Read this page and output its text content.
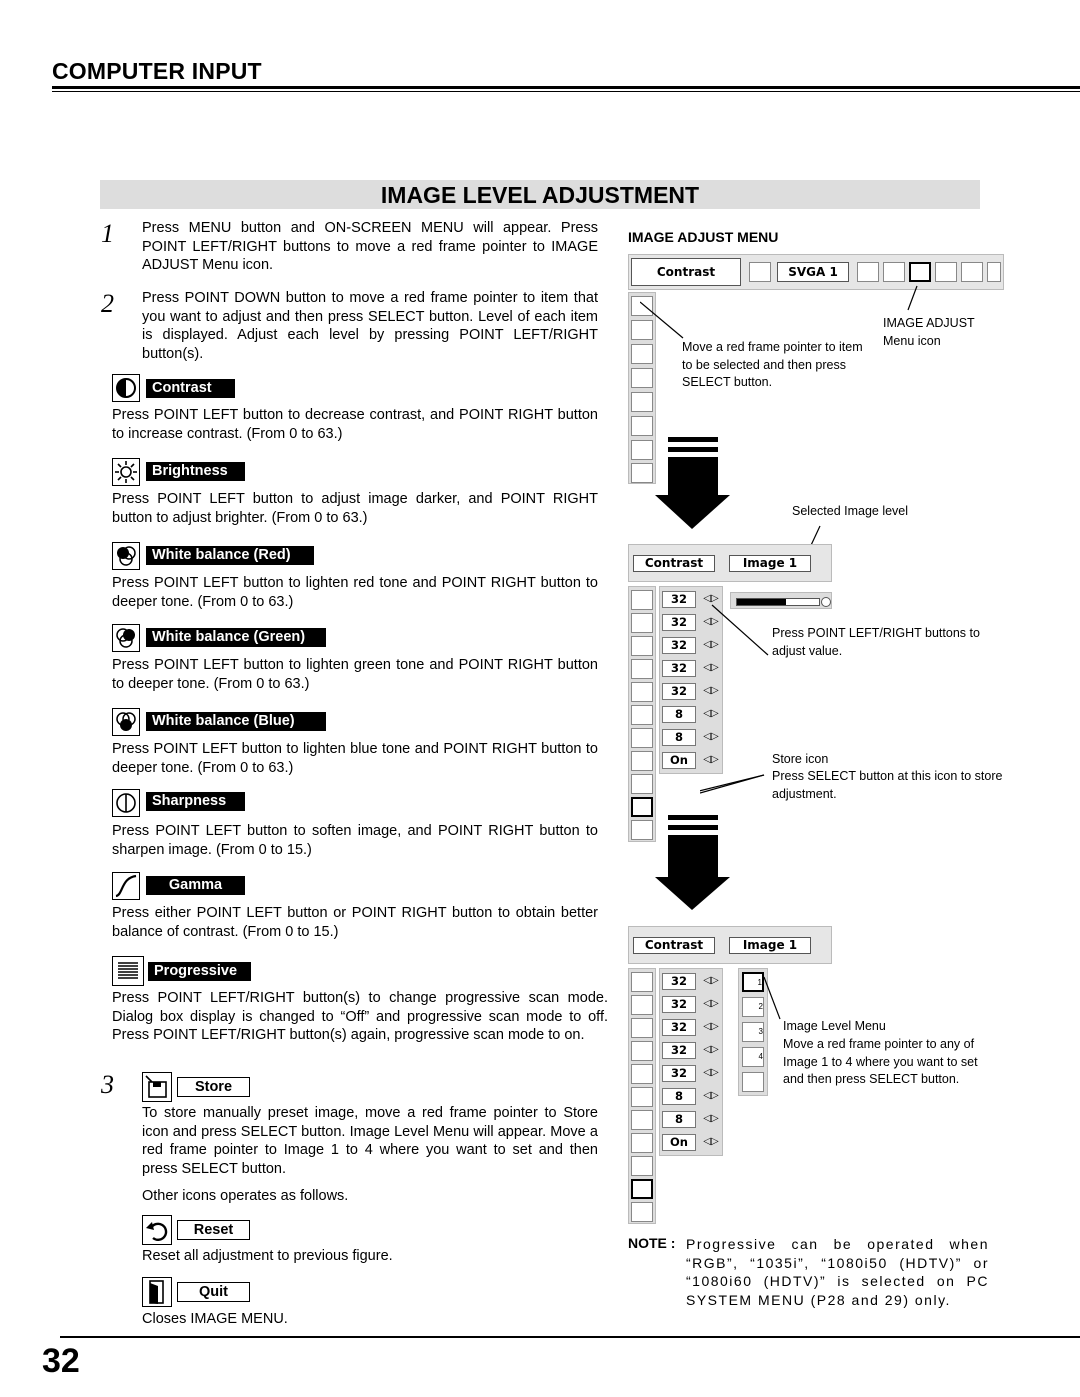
COMPUTER INPUT
IMAGE LEVEL ADJUSTMENT
1 Press MENU button and ON-SCREEN MENU will appear. Press POINT LEFT/RIGHT buttons to move a red frame pointer to IMAGE ADJUST Menu icon.
2 Press POINT DOWN button to move a red frame pointer to item that you want to adjust and then press SELECT button. Level of each item is displayed. Adjust each level by pressing POINT LEFT/RIGHT button(s).
Contrast
Press POINT LEFT button to decrease contrast, and POINT RIGHT button to increase contrast. (From 0 to 63.)
Brightness
Press POINT LEFT button to adjust image darker, and POINT RIGHT button to adjust brighter. (From 0 to 63.)
White balance (Red)
Press POINT LEFT button to lighten red tone and POINT RIGHT button to deeper tone. (From 0 to 63.)
White balance (Green)
Press POINT LEFT button to lighten green tone and POINT RIGHT button to deeper tone. (From 0 to 63.)
White balance (Blue)
Press POINT LEFT button to lighten blue tone and POINT RIGHT button to deeper tone. (From 0 to 63.)
Sharpness
Press POINT LEFT button to soften image, and POINT RIGHT button to sharpen image. (From 0 to 15.)
Gamma
Press either POINT LEFT button or POINT RIGHT button to obtain better balance of contrast. (From 0 to 15.)
Progressive
Press POINT LEFT/RIGHT button(s) to change progressive scan mode. Dialog box display is changed to “Off” and progressive scan mode to off. Press POINT LEFT/RIGHT button(s) again, progressive scan mode to on.
3	Store
To store manually preset image, move a red frame pointer to Store icon and press SELECT button. Image Level Menu will appear. Move a red frame pointer to Image 1 to 4 where you want to set and then press SELECT button.
Other icons operates as follows.
Reset
Reset all adjustment to previous figure.
Quit
Closes IMAGE MENU.
IMAGE ADJUST MENU
Contrast	SVGA 1
IMAGE ADJUST Menu icon
Move a red frame pointer to item to be selected and then press SELECT button.
Selected Image level
Contrast	Image 1
32
32
32
32
32
8
8
On
◁▷
◁▷
◁▷
◁▷
◁▷
◁▷
◁▷
◁▷
Press POINT LEFT/RIGHT buttons to adjust value.
Store icon
Press SELECT button at this icon to store adjustment.
Contrast	Image 1
32
32
32
32
32
8
8
On
◁▷
◁▷
◁▷
◁▷
◁▷
◁▷
◁▷
◁▷
1
2
3
4
Image Level Menu
Move a red frame pointer to any of Image 1 to 4 where you want to set and then press SELECT button.
NOTE : Progressive can be operated when “RGB”, “1035i”, “1080i50 (HDTV)” or “1080i60 (HDTV)” is selected on PC SYSTEM MENU (P28 and 29) only.
32
